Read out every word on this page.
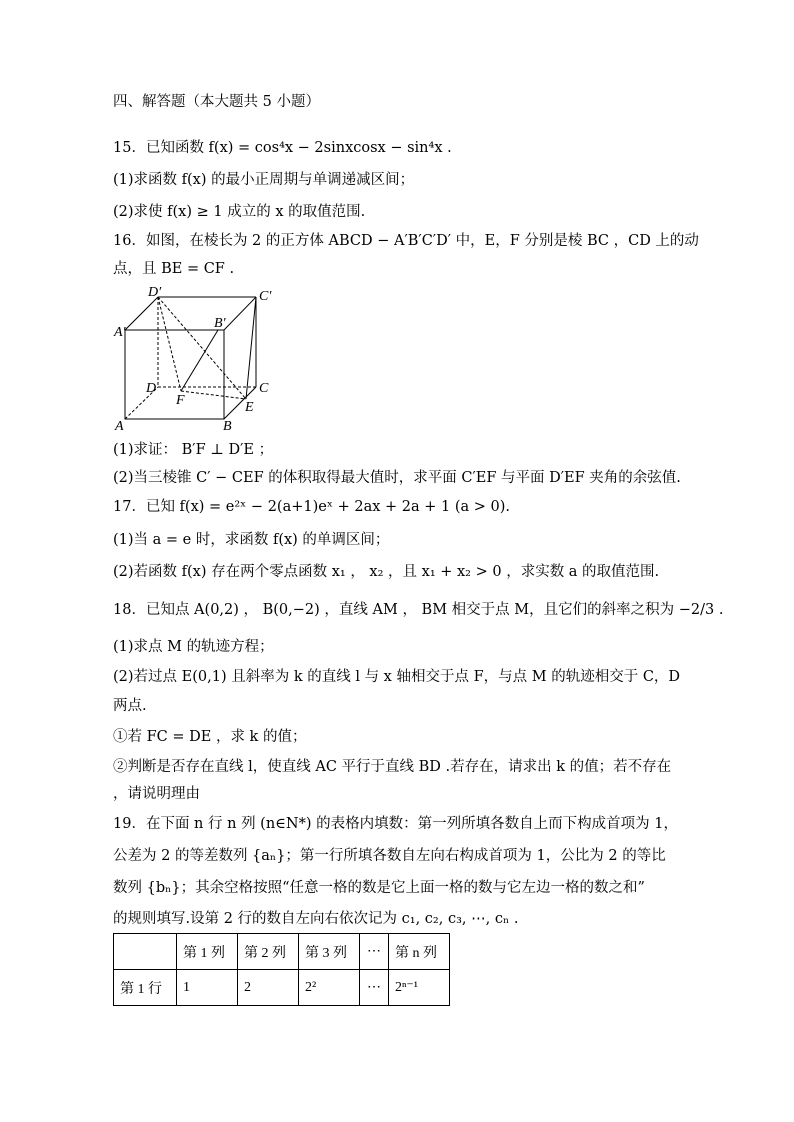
四、解答题（本大题共 5 小题）
15．已知函数 f(x) = cos⁴x − 2sinxcosx − sin⁴x .
(1)求函数 f(x) 的最小正周期与单调递减区间；
(2)求使 f(x) ≥ 1 成立的 x 的取值范围.
16．如图，在棱长为 2 的正方体 ABCD − A′B′C′D′ 中，E，F 分别是棱 BC ，CD 上的动
点，且 BE = CF .
D′	C′
A′
B′
D	C
F	E
A	B
(1)求证： B′F ⊥ D′E ；
(2)当三棱锥 C′ − CEF 的体积取得最大值时，求平面 C′EF 与平面 D′EF 夹角的余弦值.
17．已知 f(x) = e²ˣ − 2(a+1)eˣ + 2ax + 2a + 1 (a > 0).
(1)当 a = e 时，求函数 f(x) 的单调区间；
(2)若函数 f(x) 存在两个零点函数 x₁ ， x₂ ，且 x₁ + x₂ > 0 ，求实数 a 的取值范围.
18．已知点 A(0,2) ， B(0,−2) ，直线 AM ， BM 相交于点 M，且它们的斜率之积为 −2/3 .
(1)求点 M 的轨迹方程；
(2)若过点 E(0,1) 且斜率为 k 的直线 l 与 x 轴相交于点 F，与点 M 的轨迹相交于 C，D
两点.
①若 FC = DE ，求 k 的值；
②判断是否存在直线 l，使直线 AC 平行于直线 BD .若存在，请求出 k 的值；若不存在
，请说明理由
19．在下面 n 行 n 列 (n∈N*) 的表格内填数：第一列所填各数自上而下构成首项为 1，
公差为 2 的等差数列 {aₙ}；第一行所填各数自左向右构成首项为 1，公比为 2 的等比
数列 {bₙ}；其余空格按照“任意一格的数是它上面一格的数与它左边一格的数之和”
的规则填写.设第 2 行的数自左向右依次记为 c₁, c₂, c₃, ⋯, cₙ .
	第 1 列	第 2 列	第 3 列	⋯	第 n 列
第 1 行	1	2	2²	⋯	2ⁿ⁻¹
